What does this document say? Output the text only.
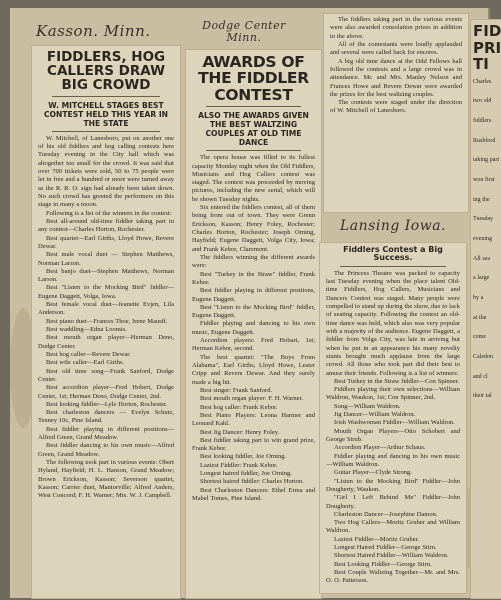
Kasson. Minn.	Dodge Center Minn.
Lansing Iowa.
FIDDLERS, HOG CALLERS DRAW BIG CROWD
W. MITCHELL STAGES BEST CONTEST HELD THIS YEAR IN THE STATE

W. Mitchell, of Lanesboro, put on another one of his old fiddlers and hog calling contests here Tuesday evening in the City hall which was altogether too small for the crowd. It was said that over 700 tickets were sold, 50 to 75 people were let in free and a hundred or more were turned away as the R. R. O. sign had already been taken down. No such crowd has greeted the performers on this stage in many a moon.

Following is a list of the winners in the contest:

Best all-around old-time fiddler taking part in any contest—Charles Horton, Rochester.

Best quartet—Earl Girths, Lloyd Howe, Revere Dewar.

Best male vocal duet — Stephen Matthews, Norman Larson.

Best banjo duet—Stephen Matthews, Norman Larson.

Best "Listen to the Mocking Bird" fiddler—Eugene Daggett, Volga, Iowa.

Best female vocal duet—Jeanette Evjen, Lila Anderson.

Best piano duet—Frances Thoe, Irene Mausff.

Best waddling—Edna Loomis.

Best mouth organ player—Herman Deno, Dodge Center.

Best hog caller—Revere Dewar.

Best wife caller—Earl Girths.

Best old time song—Frank Sanford, Dodge Center.

Best accordion player—Fred Hobert, Dodge Center, 1st; Herman Deno, Dodge Center, 2nd.

Best looking fiddler—Lyle Horton, Rochester.

Best charleston dancers — Evelyn Schutz, Tenney 10c, Pine Island.

Best fiddler playing in different positions—Alfred Green, Grand Meadow.

Best fiddler dancing to his own music—Alfred Green, Grand Meadow.

The following took part in various events: Obert Hyland, Hayfield; H. L. Hanson, Grand Meadow; Brown Erickson, Kasson; Severson quartet, Kasson; Carrier duet, Mantorville; Alfred Anders, West Concord; F. H. Warner; Mrs. W. J. Campbell.

AWARDS OF THE FIDDLER CONTEST
ALSO THE AWARDS GIVEN THE BEST WALTZING COUPLES AT OLD TIME DANCE

The opera house was filled to its fullest capacity Monday night when the Old Fiddlers, Musicians and Hog Callers contest was staged. The contest was proceeded by moving pictures, including the new serial, which will be shown Tuesday nights.

Six entered the fiddlers contest, all of them being from out of town. They were Grenn Erickson, Kasson; Henry Foley, Rochester; Charles Horton, Rochester; Joseph Orning, Hayfield; Eugene Daggett, Volga City, Iowa; and Frank Kebor, Claremont.

The fiddlers winning the different awards were:

Best "Turkey in the Straw" fiddler, Frank Kebor.

Best fiddler playing in different positions, Eugene Daggett.

Best "Listen to the Mocking Bird" fiddler, Eugene Daggett.

Fiddler playing and dancing to his own music, Eugene Daggett.

Accordion players: Fred Hobart, 1st; Herman Kebor, second.

The best quartet: "The Boys From Alabama", Earl Girths, Lloyd Howe, Lester Cripp and Revere Dewar. And they surely made a big hit.

Best singer: Frank Sanford.

Best mouth organ player: F. H. Warner.

Best hog caller: Frank Kebor.

Best Piano Players: Leona Harmer and Leonard Kahl.

Best Jig Dancer: Henry Foley.

Best fiddler taking part to win grand prize, Frank Kebor.

Best looking fiddler, Joe Orning.

Laziest Fiddler: Frank Kebor.

Longest haired fiddler, Joe Orning.

Shortest haired fiddler: Charles Horton.

Best Charleston Dancers: Ethel Erma and Mabel Tomes, Pine Island.

The fiddlers taking part in the various events were also awarded consolation prizes in addition to the above.

All of the contestants were loudly applauded and several were called back for encores.

A big old time dance at the Odd Fellows hall followed the contests and a large crowd was in attendance. Mr. and Mrs. Manley Nelson and Frances Howe and Revere Dewar were awarded the prizes for the best waltzing couples.

The contests were staged under the direction of W. Mitchell of Lanesboro.

Fiddlers Contest a Big Success.

The Princess Theatre was packed to capacity last Tuesday evening when the place talent Old-time Fiddlers, Hog Callers, Musicians and Dancers Contest was staged. Many people were compelled to stand up during the show, due to lack of seating capacity. Following the contest an old-time dance was held, which also was very popular with a majority of the audience. Eugene Daggett, a fiddler from Volga City, was late in arriving but when he put in an appearance his many novelty stunts brought much applause from the large crowd. All those who took part did their best to amuse their friends. Following is a list of winners:

Best Turkey in the Straw fiddler—Con Spinner.

Fiddlers playing their own selections—William Waldron, Waukon, 1st; Con Spinner, 2nd.

Song—William Waldron.

Jig Dancer—William Waldron.

Irish Washwoman Fiddler—William Waldron.

Mouth Organ Players—Otto Schobert and George Strub.

Accordion Player—Arthur Schaus.

Fiddler playing and dancing to his own music—William Waldron.

Guitar Player—Clyde Strong.

"Listen to the Mocking Bird" Fiddler—John Dougherty, Waukon.

"Girl I Left Behind Me" Fiddler—John Dougherty.

Charleston Dancer—Josephine Damon.

Two Hog Callers—Moritz Gruber and William Waldron.

Laziest Fiddler—Moritz Gruber.

Longest Haired Fiddler—George Stirn.

Shortest Haired Fiddler—William Waldron.

Best Looking Fiddler—George Stirn.

Best Couple Waltzing Together—Mr. and Mrs. O. O. Patterson.

FID
PRI
TI

Charles

two old

fiddlers

Rushford

taking part

won first

ing the

Tuesday

evening

All sea

a large

by a

at the

come

Caledon

and cl

their tal
